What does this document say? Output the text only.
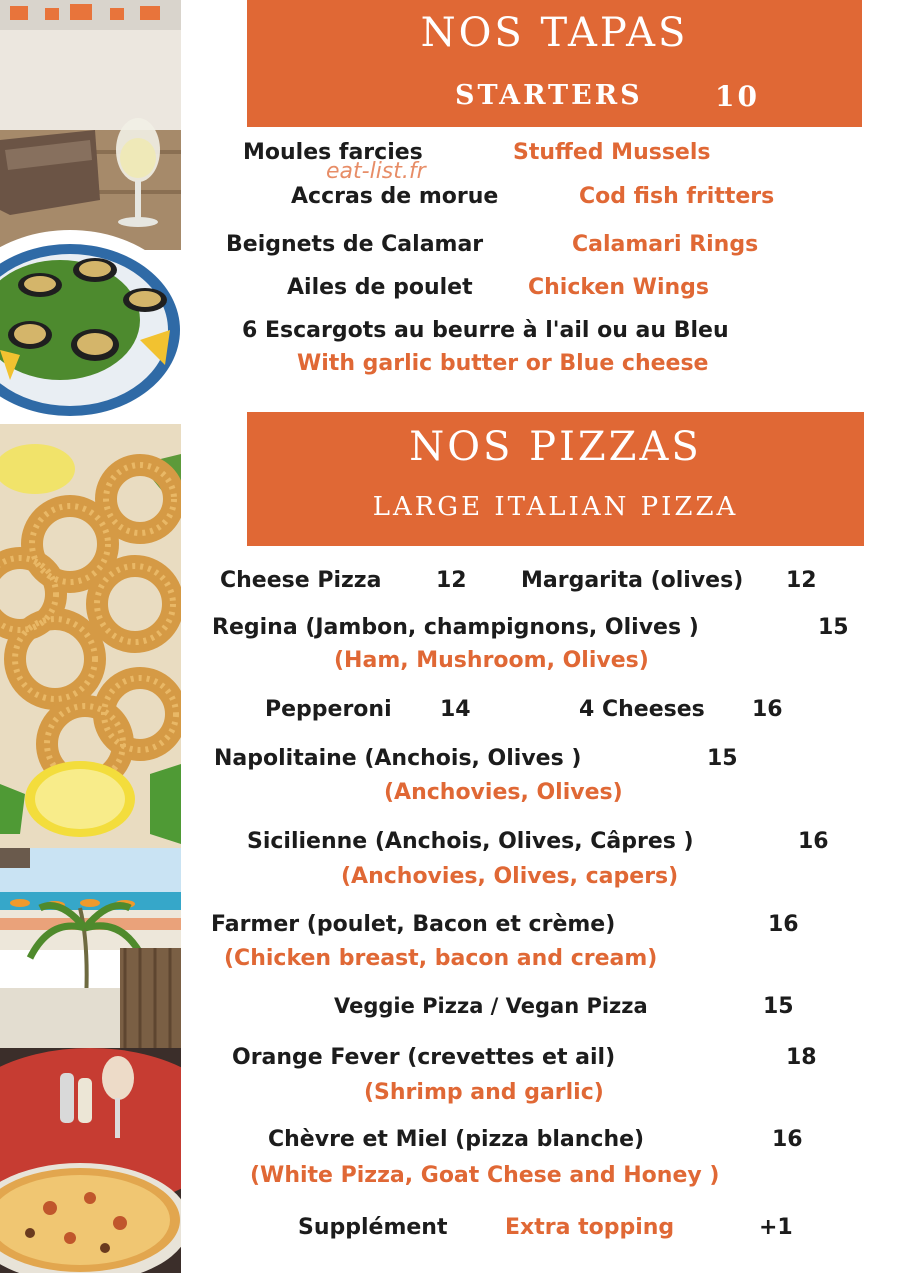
NOS TAPAS
STARTERS	10
eat-list.fr
Moules farcies	Stuffed Mussels
Accras de morue	Cod fish fritters
Beignets de Calamar	Calamari Rings
Ailes de poulet	Chicken Wings
6 Escargots au beurre à l'ail ou au Bleu
With garlic butter or Blue cheese
NOS PIZZAS
LARGE ITALIAN PIZZA
Cheese Pizza 12 Margarita (olives) 12
Regina (Jambon, champignons, Olives )	15
(Ham, Mushroom, Olives)
Pepperoni 14	4 Cheeses 16
Napolitaine (Anchois, Olives )	15
(Anchovies, Olives)
Sicilienne (Anchois, Olives, Câpres )	16
(Anchovies, Olives, capers)
Farmer (poulet, Bacon et crème)	16
(Chicken breast, bacon and cream)
Veggie Pizza / Vegan Pizza	15
Orange Fever (crevettes et ail)	18
(Shrimp and garlic)
Chèvre et Miel (pizza blanche)	16
(White Pizza, Goat Chese and Honey )
Supplément	Extra topping	+1
